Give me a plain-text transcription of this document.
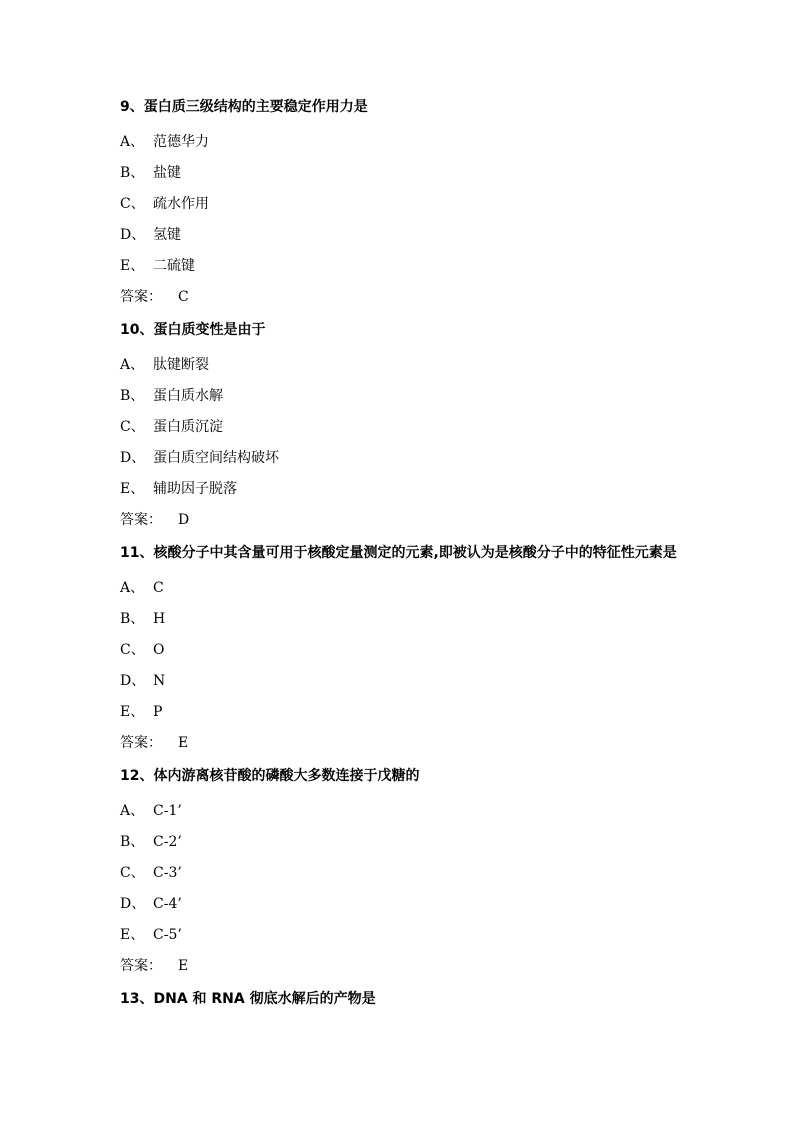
9、蛋白质三级结构的主要稳定作用力是

A、 范德华力
B、 盐键
C、 疏水作用
D、 氢键
E、 二硫键
答案： C

10、蛋白质变性是由于

A、 肽键断裂
B、 蛋白质水解
C、 蛋白质沉淀
D、 蛋白质空间结构破坏
E、 辅助因子脱落
答案： D

11、核酸分子中其含量可用于核酸定量测定的元素,即被认为是核酸分子中的特征性元素是

A、 C
B、 H
C、 O
D、 N
E、 P
答案： E

12、体内游离核苷酸的磷酸大多数连接于戊糖的

A、 C-1’
B、 C-2’
C、 C-3’
D、 C-4’
E、 C-5’
答案： E

13、DNA 和 RNA 彻底水解后的产物是
